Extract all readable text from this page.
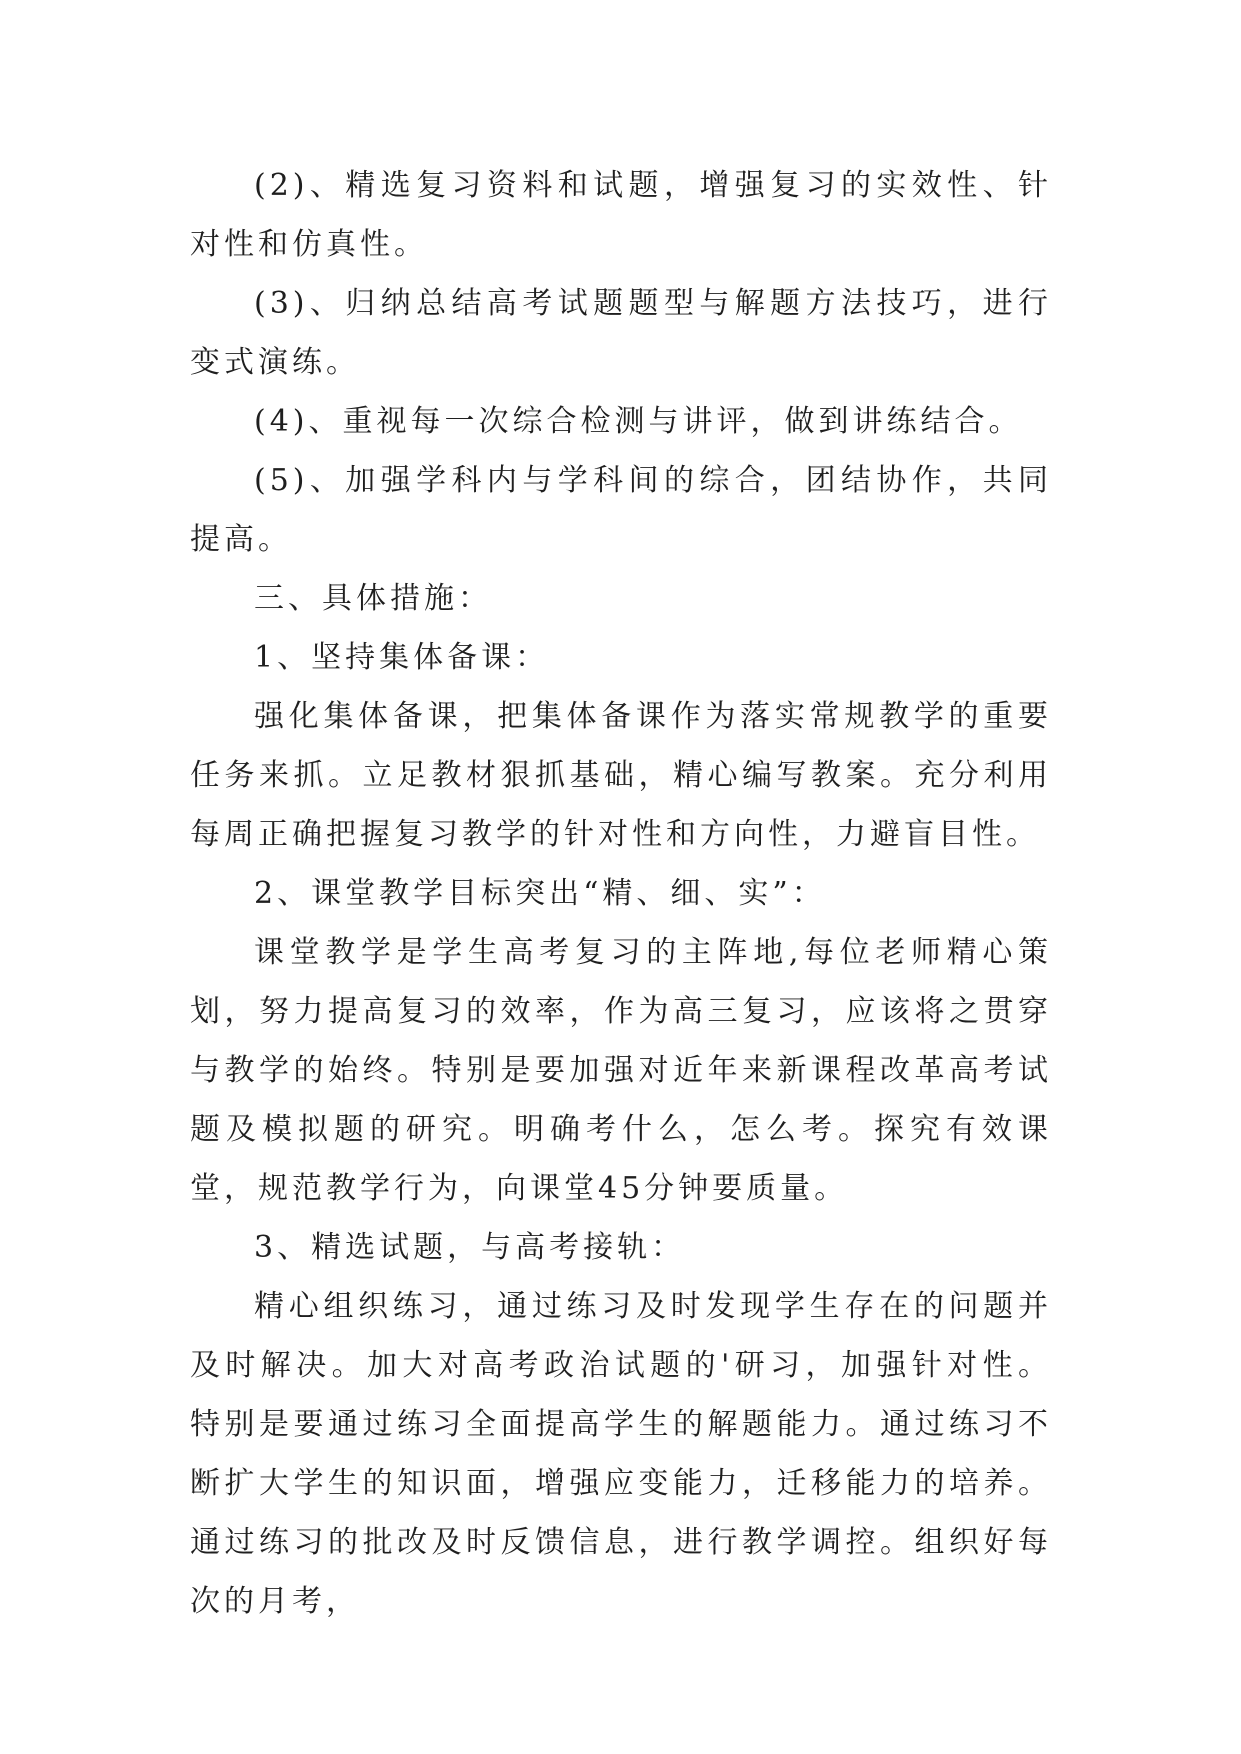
(2)、精选复习资料和试题，增强复习的实效性、针对性和仿真性。

(3)、归纳总结高考试题题型与解题方法技巧，进行变式演练。

(4)、重视每一次综合检测与讲评，做到讲练结合。

(5)、加强学科内与学科间的综合，团结协作，共同提高。

三、具体措施：

1、坚持集体备课：

强化集体备课，把集体备课作为落实常规教学的重要任务来抓。立足教材狠抓基础，精心编写教案。充分利用每周正确把握复习教学的针对性和方向性，力避盲目性。

2、课堂教学目标突出“精、细、实”：

课堂教学是学生高考复习的主阵地,每位老师精心策划，努力提高复习的效率，作为高三复习，应该将之贯穿与教学的始终。特别是要加强对近年来新课程改革高考试题及模拟题的研究。明确考什么，怎么考。探究有效课堂，规范教学行为，向课堂45分钟要质量。

3、精选试题，与高考接轨：

精心组织练习，通过练习及时发现学生存在的问题并及时解决。加大对高考政治试题的'研习，加强针对性。特别是要通过练习全面提高学生的解题能力。通过练习不断扩大学生的知识面，增强应变能力，迁移能力的培养。通过练习的批改及时反馈信息，进行教学调控。组织好每次的月考，
